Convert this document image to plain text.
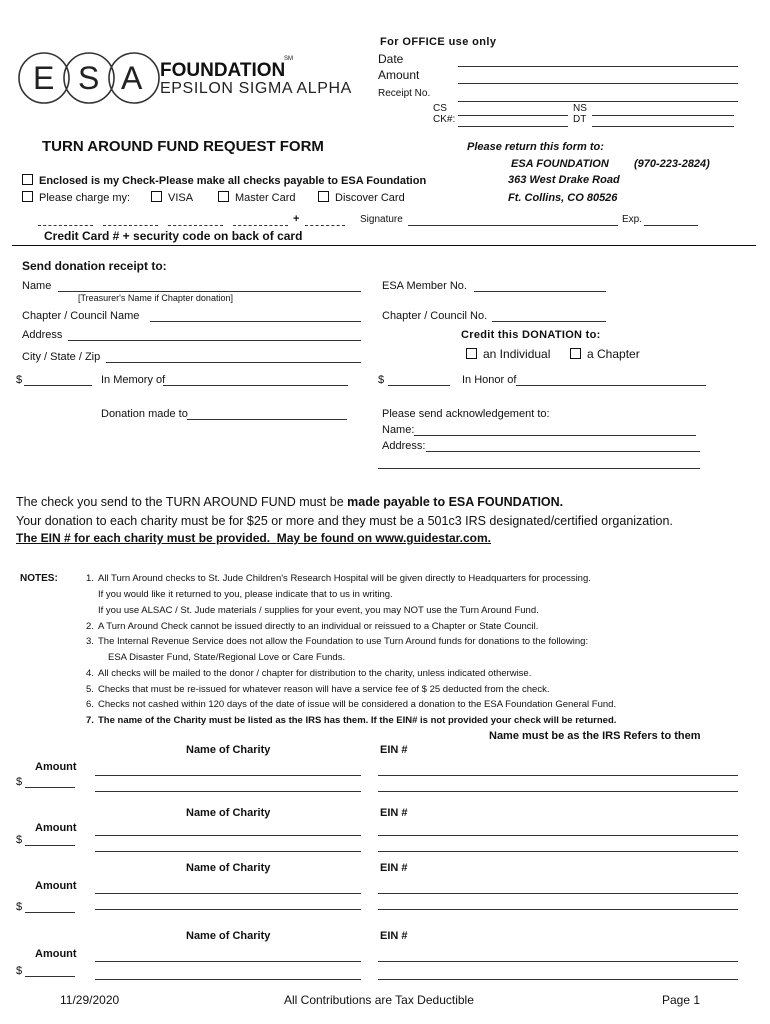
E S A FOUNDATION
SM
EPSILON SIGMA ALPHA
For OFFICE use only
Date
Amount
Receipt No.
CS	NS
CK#:	DT
TURN AROUND FUND REQUEST FORM	Please return this form to:
ESA FOUNDATION (970-223-2824)
363 West Drake Road
Ft. Collins, CO 80526
Enclosed is my Check-Please make all checks payable to ESA Foundation
Please charge my:	VISA	Master Card	Discover Card
+	Signature	Exp.
Credit Card # + security code on back of card
Send donation receipt to:
Name
[Treasurer's Name if Chapter donation]
ESA Member No.
Chapter / Council Name	Chapter / Council No.
Address	Credit this DONATION to:
City / State / Zip	an Individual	a Chapter
$	In Memory of	$	In Honor of
Donation made to	Please send acknowledgement to:
Name:
Address:
The check you send to the TURN AROUND FUND must be made payable to ESA FOUNDATION.
Your donation to each charity must be for $25 or more and they must be a 501c3 IRS designated/certified organization.
The EIN # for each charity must be provided. May be found on www.guidestar.com.
NOTES:	1. All Turn Around checks to St. Jude Children's Research Hospital will be given directly to Headquarters for processing.
If you would like it returned to you, please indicate that to us in writing.
If you use ALSAC / St. Jude materials / supplies for your event, you may NOT use the Turn Around Fund.
2. A Turn Around Check cannot be issued directly to an individual or reissued to a Chapter or State Council.
3. The Internal Revenue Service does not allow the Foundation to use Turn Around funds for donations to the following:
ESA Disaster Fund, State/Regional Love or Care Funds.
4. All checks will be mailed to the donor / chapter for distribution to the charity, unless indicated otherwise.
5. Checks that must be re-issued for whatever reason will have a service fee of $ 25 deducted from the check.
6. Checks not cashed within 120 days of the date of issue will be considered a donation to the ESA Foundation General Fund.
7. The name of the Charity must be listed as the IRS has them. If the EIN# is not provided your check will be returned.
Name must be as the IRS Refers to them
Name of Charity	EIN #
Amount
$
Name of Charity	EIN #
Amount
$
Name of Charity	EIN #
Amount
$
Name of Charity	EIN #
Amount
$
11/29/2020	All Contributions are Tax Deductible	Page 1
